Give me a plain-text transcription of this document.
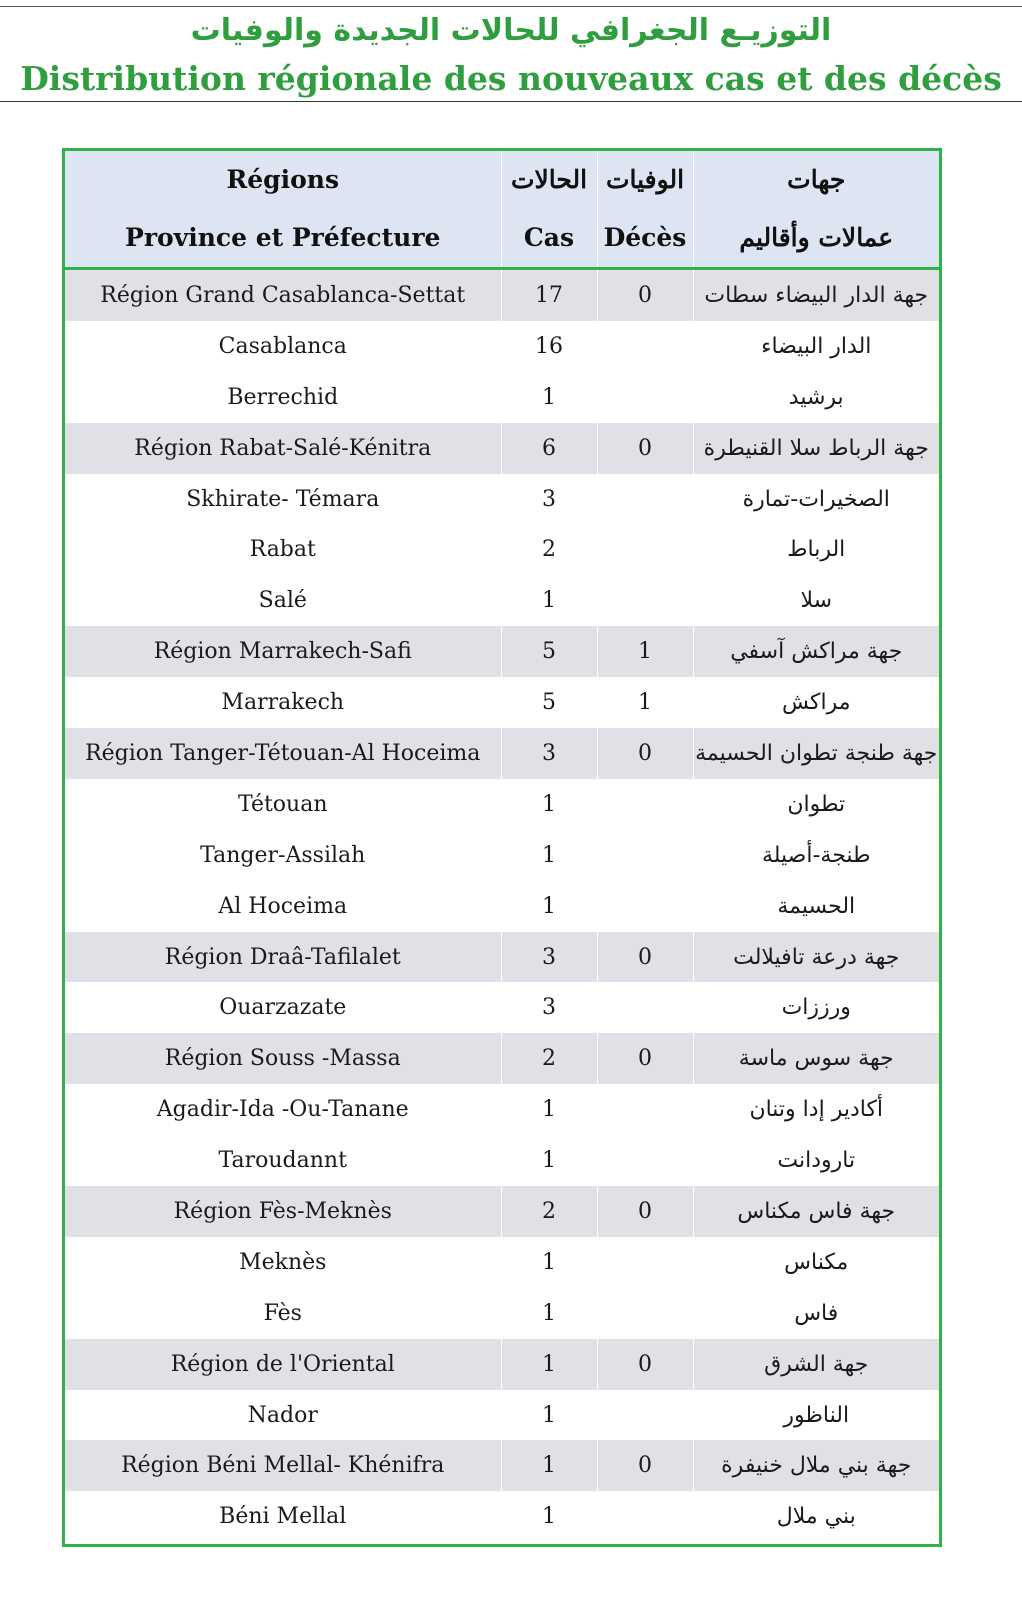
التوزيـع الجغرافي للحالات الجديدة والوفيات
Distribution régionale des nouveaux cas et des décès
Régions	الحالات	الوفيات	جهات
Province et Préfecture	Cas	Décès	عمالات وأقاليم
Région Grand Casablanca-Settat	17	0	جهة الدار البيضاء سطات
Casablanca	16		الدار البيضاء
Berrechid	1		برشيد
Région Rabat-Salé-Kénitra	6	0	جهة الرباط سلا القنيطرة
Skhirate- Témara	3		الصخيرات-تمارة
Rabat	2		الرباط
Salé	1		سلا
Région Marrakech-Safi	5	1	جهة مراكش آسفي
Marrakech	5	1	مراكش
Région Tanger-Tétouan-Al Hoceima	3	0	جهة طنجة تطوان الحسيمة
Tétouan	1		تطوان
Tanger-Assilah	1		طنجة-أصيلة
Al Hoceima	1		الحسيمة
Région Draâ-Tafilalet	3	0	جهة درعة تافيلالت
Ouarzazate	3		ورززات
Région Souss -Massa	2	0	جهة سوس ماسة
Agadir-Ida -Ou-Tanane	1		أكادير إدا وتنان
Taroudannt	1		تارودانت
Région Fès-Meknès	2	0	جهة فاس مكناس
Meknès	1		مكناس
Fès	1		فاس
Région de l'Oriental	1	0	جهة الشرق
Nador	1		الناظور
Région Béni Mellal- Khénifra	1	0	جهة بني ملال خنيفرة
Béni Mellal	1		بني ملال
